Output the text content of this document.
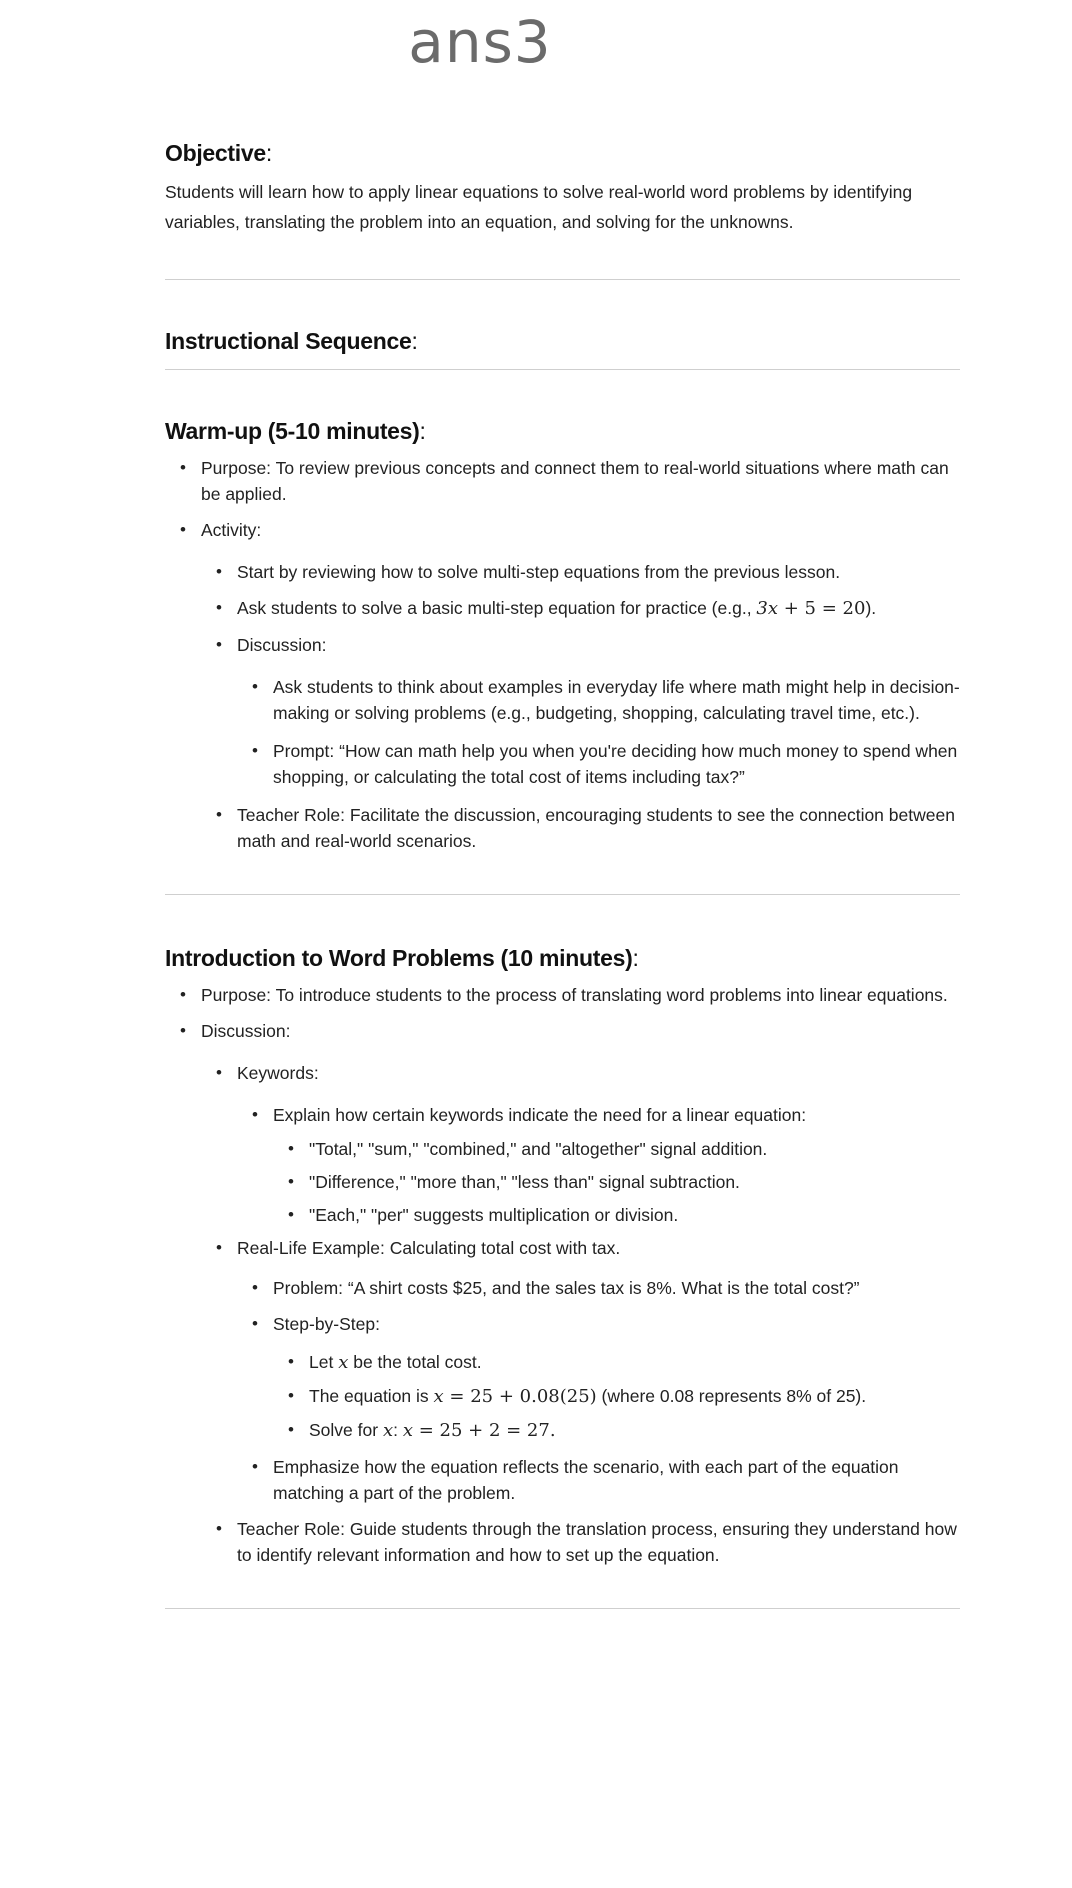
ans3
Objective:

Students will learn how to apply linear equations to solve real-world word problems by identifying variables, translating the problem into an equation, and solving for the unknowns.

Instructional Sequence:
Warm-up (5-10 minutes):
• Purpose: To review previous concepts and connect them to real-world situations where math can be applied.
• Activity:
• Start by reviewing how to solve multi-step equations from the previous lesson.
• Ask students to solve a basic multi-step equation for practice (e.g., 3x + 5 = 20).
• Discussion:
• Ask students to think about examples in everyday life where math might help in decision-making or solving problems (e.g., budgeting, shopping, calculating travel time, etc.).
• Prompt: “How can math help you when you're deciding how much money to spend when shopping, or calculating the total cost of items including tax?”
• Teacher Role: Facilitate the discussion, encouraging students to see the connection between math and real-world scenarios.
Introduction to Word Problems (10 minutes):
• Purpose: To introduce students to the process of translating word problems into linear equations.
• Discussion:
• Keywords:
• Explain how certain keywords indicate the need for a linear equation:
• "Total," "sum," "combined," and "altogether" signal addition.
• "Difference," "more than," "less than" signal subtraction.
• "Each," "per" suggests multiplication or division.
• Real-Life Example: Calculating total cost with tax.
• Problem: “A shirt costs $25, and the sales tax is 8%. What is the total cost?”
• Step-by-Step:
• Let x be the total cost.
• The equation is x = 25 + 0.08(25) (where 0.08 represents 8% of 25).
• Solve for x: x = 25 + 2 = 27.
• Emphasize how the equation reflects the scenario, with each part of the equation matching a part of the problem.
• Teacher Role: Guide students through the translation process, ensuring they understand how to identify relevant information and how to set up the equation.
